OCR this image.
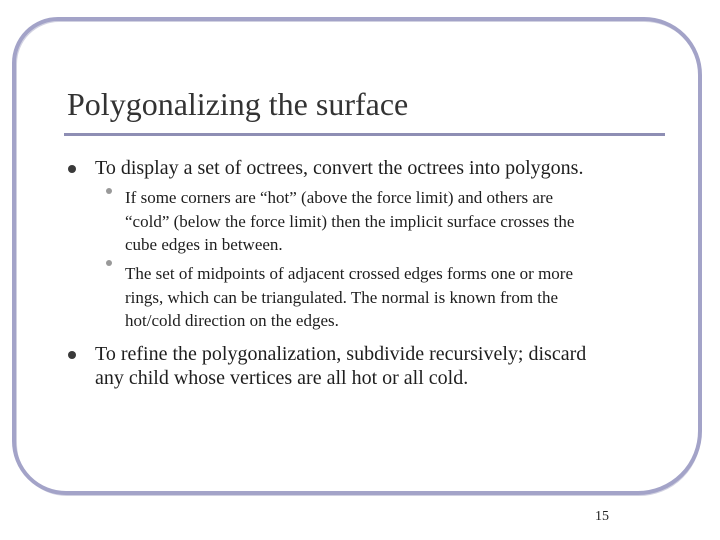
Polygonalizing the surface
To display a set of octrees, convert the octrees into polygons.
If some corners are “hot” (above the force limit) and others are
“cold” (below the force limit) then the implicit surface crosses the
cube edges in between.
The set of midpoints of adjacent crossed edges forms one or more
rings, which can be triangulated. The normal is known from the
hot/cold direction on the edges.
To refine the polygonalization, subdivide recursively; discard
any child whose vertices are all hot or all cold.
15
